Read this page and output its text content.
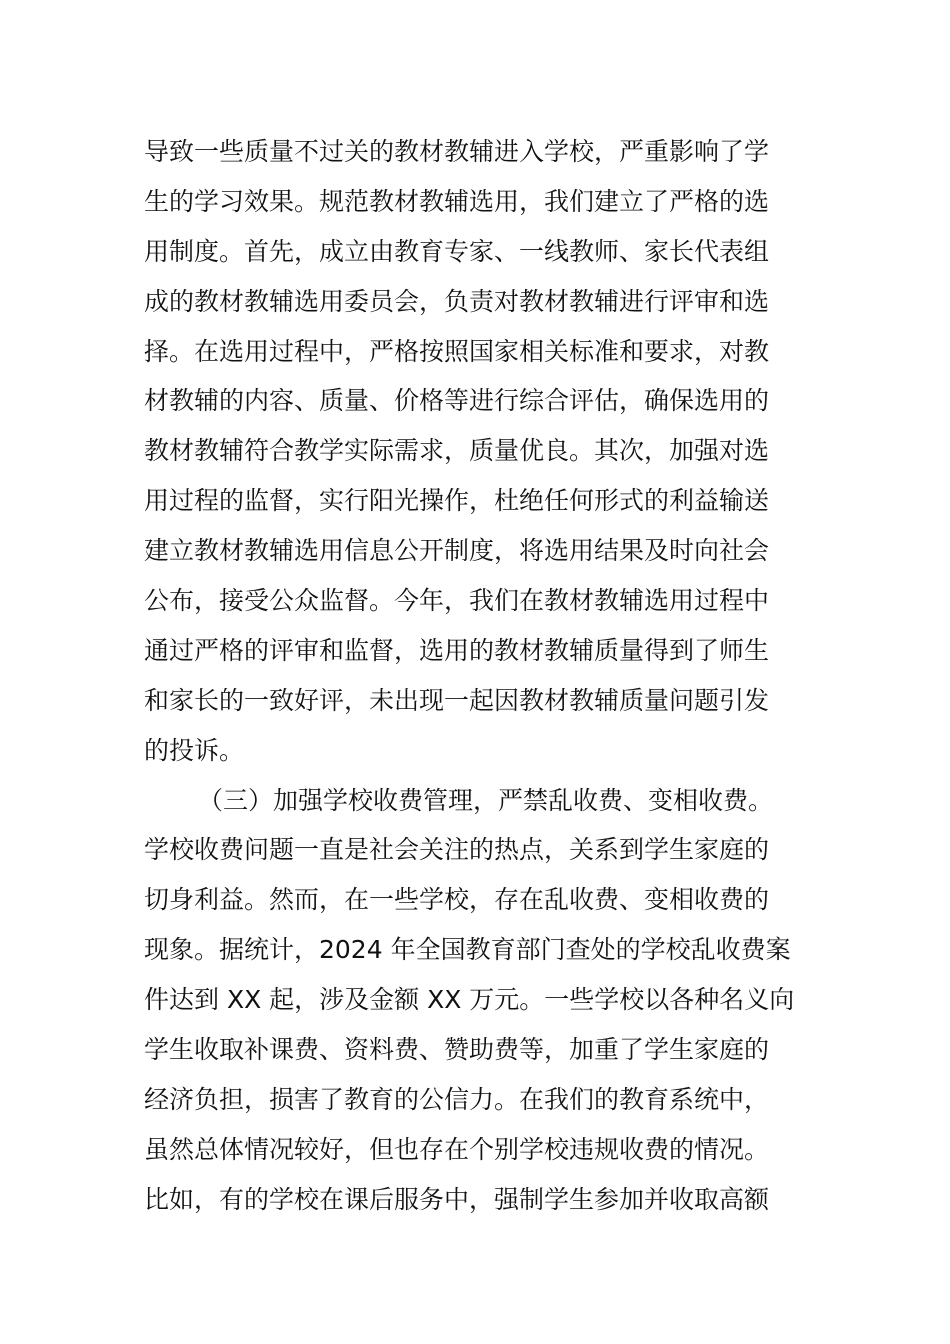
导致一些质量不过关的教材教辅进入学校，严重影响了学
生的学习效果。规范教材教辅选用，我们建立了严格的选
用制度。首先，成立由教育专家、一线教师、家长代表组
成的教材教辅选用委员会，负责对教材教辅进行评审和选
择。在选用过程中，严格按照国家相关标准和要求，对教
材教辅的内容、质量、价格等进行综合评估，确保选用的
教材教辅符合教学实际需求，质量优良。其次，加强对选
用过程的监督，实行阳光操作，杜绝任何形式的利益输送
建立教材教辅选用信息公开制度，将选用结果及时向社会
公布，接受公众监督。今年，我们在教材教辅选用过程中
通过严格的评审和监督，选用的教材教辅质量得到了师生
和家长的一致好评，未出现一起因教材教辅质量问题引发
的投诉。
（三）加强学校收费管理，严禁乱收费、变相收费。
学校收费问题一直是社会关注的热点，关系到学生家庭的
切身利益。然而，在一些学校，存在乱收费、变相收费的
现象。据统计，2024 年全国教育部门查处的学校乱收费案
件达到 XX 起，涉及金额 XX 万元。一些学校以各种名义向
学生收取补课费、资料费、赞助费等，加重了学生家庭的
经济负担，损害了教育的公信力。在我们的教育系统中，
虽然总体情况较好，但也存在个别学校违规收费的情况。
比如，有的学校在课后服务中，强制学生参加并收取高额
